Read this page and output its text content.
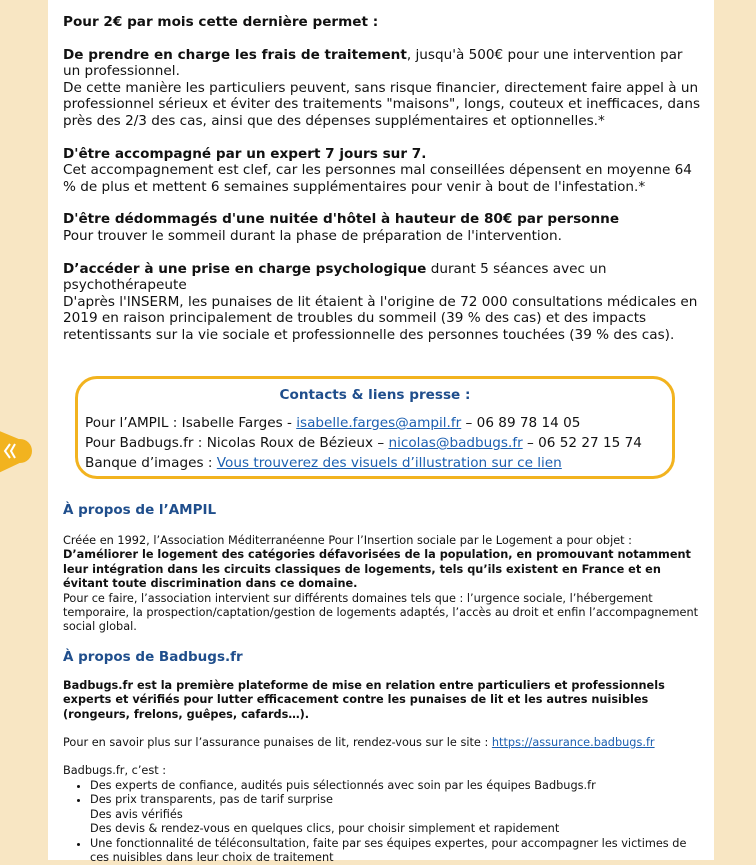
Pour 2€ par mois cette dernière permet :

De prendre en charge les frais de traitement, jusqu'à 500€ pour une intervention par un professionnel.

De cette manière les particuliers peuvent, sans risque financier, directement faire appel à un professionnel sérieux et éviter des traitements "maisons", longs, couteux et inefficaces, dans près des 2/3 des cas, ainsi que des dépenses supplémentaires et optionnelles.*

D'être accompagné par un expert 7 jours sur 7.

Cet accompagnement est clef, car les personnes mal conseillées dépensent en moyenne 64 % de plus et mettent 6 semaines supplémentaires pour venir à bout de l'infestation.*

D'être dédommagés d'une nuitée d'hôtel à hauteur de 80€ par personne

Pour trouver le sommeil durant la phase de préparation de l'intervention.

D’accéder à une prise en charge psychologique durant 5 séances avec un psychothérapeute

D'après l'INSERM, les punaises de lit étaient à l'origine de 72 000 consultations médicales en 2019 en raison principalement de troubles du sommeil (39 % des cas) et des impacts retentissants sur la vie sociale et professionnelle des personnes touchées (39 % des cas).

Contacts & liens presse :
Pour l’AMPIL : Isabelle Farges - isabelle.farges@ampil.fr – 06 89 78 14 05
Pour Badbugs.fr : Nicolas Roux de Bézieux – nicolas@badbugs.fr – 06 52 27 15 74
Banque d’images : Vous trouverez des visuels d’illustration sur ce lien

À propos de l’AMPIL

Créée en 1992, l’Association Méditerranéenne Pour l’Insertion sociale par le Logement a pour objet :

D’améliorer le logement des catégories défavorisées de la population, en promouvant notamment leur intégration dans les circuits classiques de logements, tels qu’ils existent en France et en évitant toute discrimination dans ce domaine.

Pour ce faire, l’association intervient sur différents domaines tels que : l’urgence sociale, l’hébergement temporaire, la prospection/captation/gestion de logements adaptés, l’accès au droit et enfin l’accompagnement social global.

À propos de Badbugs.fr

Badbugs.fr est la première plateforme de mise en relation entre particuliers et professionnels experts et vérifiés pour lutter efficacement contre les punaises de lit et les autres nuisibles (rongeurs, frelons, guêpes, cafards…).

Pour en savoir plus sur l’assurance punaises de lit, rendez-vous sur le site : https://assurance.badbugs.fr

Badbugs.fr, c’est :

• Des experts de confiance, audités puis sélectionnés avec soin par les équipes Badbugs.fr
• Des prix transparents, pas de tarif surprise
Des avis vérifiés
Des devis & rendez-vous en quelques clics, pour choisir simplement et rapidement
• Une fonctionnalité de téléconsultation, faite par ses équipes expertes, pour accompagner les victimes de ces nuisibles dans leur choix de traitement
